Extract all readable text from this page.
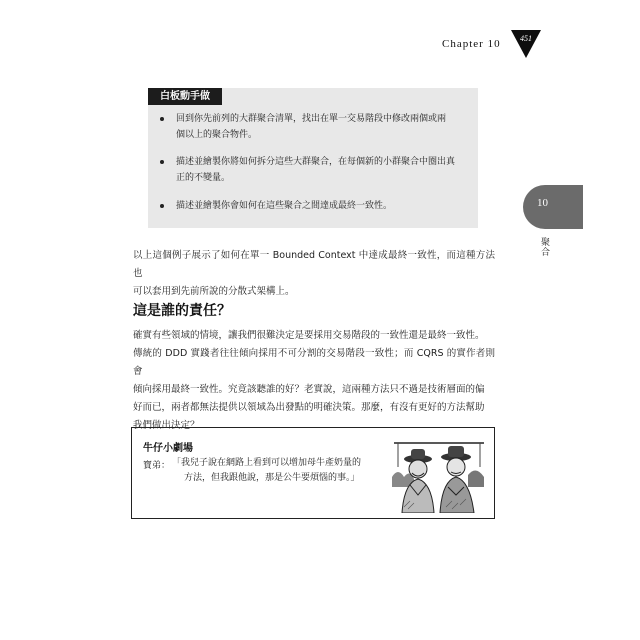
Chapter 10	451
白板動手做
回到你先前列的大群聚合清單，找出在單一交易階段中修改兩個或兩
個以上的聚合物件。
描述並繪製你將如何拆分這些大群聚合，在每個新的小群聚合中圈出真
正的不變量。
描述並繪製你會如何在這些聚合之間達成最終一致性。	10
聚合
以上這個例子展示了如何在單一 Bounded Context 中達成最終一致性，而這種方法也
可以套用到先前所說的分散式架構上。
這是誰的責任？
確實有些領域的情境，讓我們很難決定是要採用交易階段的一致性還是最終一致性。
傳統的 DDD 實踐者往往傾向採用不可分割的交易階段一致性；而 CQRS 的實作者則會
傾向採用最終一致性。究竟該聽誰的好？老實說，這兩種方法只不過是技術層面的偏
好而已，兩者都無法提供以領域為出發點的明確決策。那麼，有沒有更好的方法幫助
我們做出決定？
牛仔小劇場
寶弟： 「我兒子說在網路上看到可以增加母牛產奶量的
方法，但我跟他說，那是公牛要煩惱的事。」
